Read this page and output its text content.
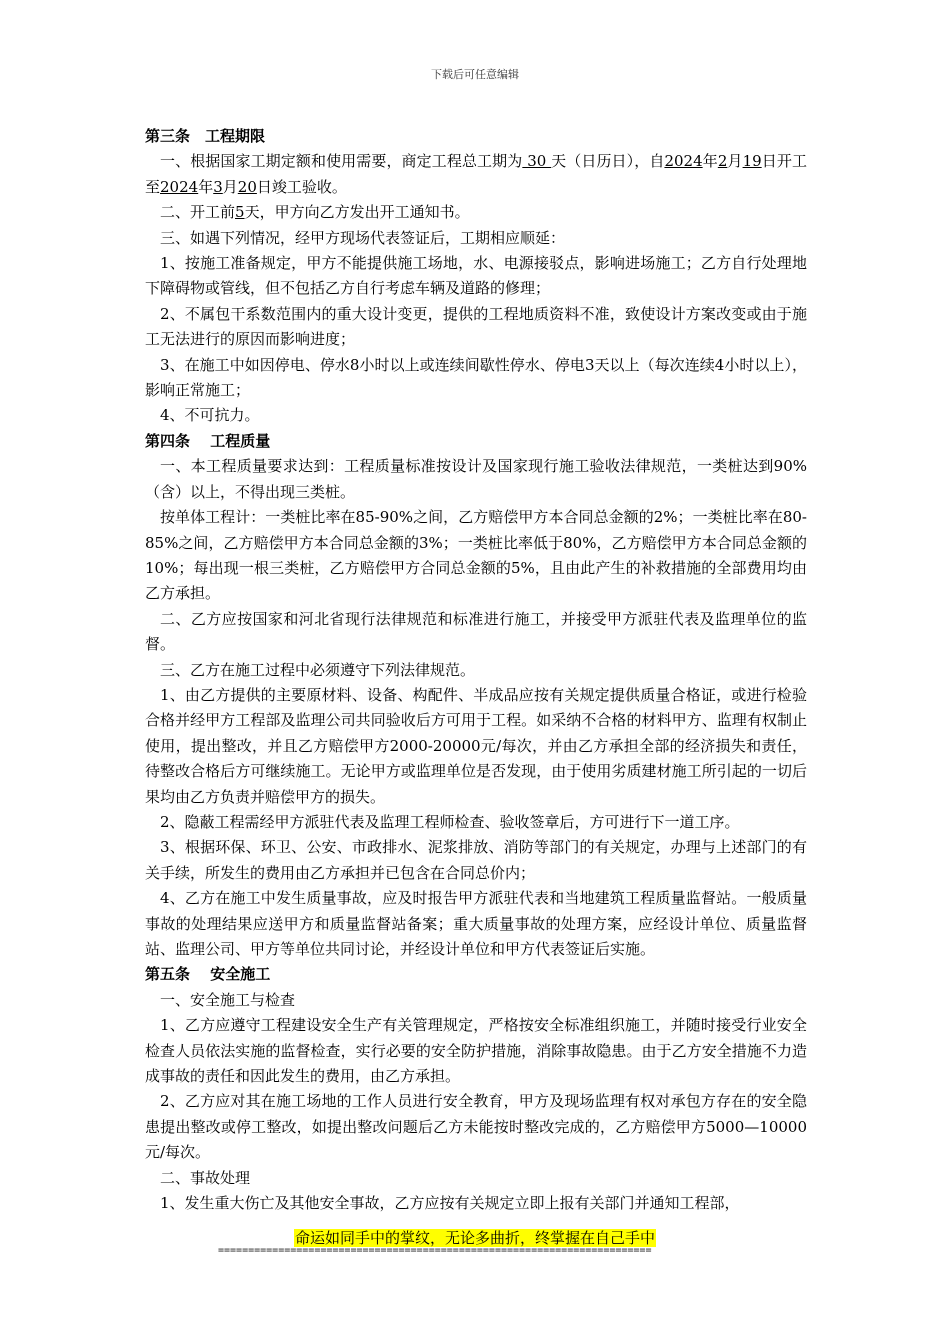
下载后可任意编辑

第三条　工程期限

一、根据国家工期定额和使用需要，商定工程总工期为 30 天（日历日），自2024年2月19日开工至2024年3月20日竣工验收。

二、开工前5天，甲方向乙方发出开工通知书。

三、如遇下列情况，经甲方现场代表签证后，工期相应顺延：

1、按施工准备规定，甲方不能提供施工场地，水、电源接驳点，影响进场施工；乙方自行处理地下障碍物或管线，但不包括乙方自行考虑车辆及道路的修理；

2、不属包干系数范围内的重大设计变更，提供的工程地质资料不准，致使设计方案改变或由于施工无法进行的原因而影响进度；

3、在施工中如因停电、停水8小时以上或连续间歇性停水、停电3天以上（每次连续4小时以上），影响正常施工；

4、不可抗力。

第四条　 工程质量

一、本工程质量要求达到：工程质量标准按设计及国家现行施工验收法律规范，一类桩达到90%（含）以上，不得出现三类桩。

按单体工程计：一类桩比率在85-90%之间，乙方赔偿甲方本合同总金额的2%；一类桩比率在80-85%之间，乙方赔偿甲方本合同总金额的3%；一类桩比率低于80%，乙方赔偿甲方本合同总金额的10%；每出现一根三类桩，乙方赔偿甲方合同总金额的5%，且由此产生的补救措施的全部费用均由乙方承担。

二、乙方应按国家和河北省现行法律规范和标准进行施工，并接受甲方派驻代表及监理单位的监督。

三、乙方在施工过程中必须遵守下列法律规范。

1、由乙方提供的主要原材料、设备、构配件、半成品应按有关规定提供质量合格证，或进行检验合格并经甲方工程部及监理公司共同验收后方可用于工程。如采纳不合格的材料甲方、监理有权制止使用，提出整改，并且乙方赔偿甲方2000-20000元/每次，并由乙方承担全部的经济损失和责任，待整改合格后方可继续施工。无论甲方或监理单位是否发现，由于使用劣质建材施工所引起的一切后果均由乙方负责并赔偿甲方的损失。

2、隐蔽工程需经甲方派驻代表及监理工程师检查、验收签章后，方可进行下一道工序。

3、根据环保、环卫、公安、市政排水、泥浆排放、消防等部门的有关规定，办理与上述部门的有关手续，所发生的费用由乙方承担并已包含在合同总价内；

4、乙方在施工中发生质量事故，应及时报告甲方派驻代表和当地建筑工程质量监督站。一般质量事故的处理结果应送甲方和质量监督站备案；重大质量事故的处理方案，应经设计单位、质量监督站、监理公司、甲方等单位共同讨论，并经设计单位和甲方代表签证后实施。

第五条　 安全施工

一、安全施工与检查

1、乙方应遵守工程建设安全生产有关管理规定，严格按安全标准组织施工，并随时接受行业安全检查人员依法实施的监督检查，实行必要的安全防护措施，消除事故隐患。由于乙方安全措施不力造成事故的责任和因此发生的费用，由乙方承担。

2、乙方应对其在施工场地的工作人员进行安全教育，甲方及现场监理有权对承包方存在的安全隐患提出整改或停工整改，如提出整改问题后乙方未能按时整改完成的，乙方赔偿甲方5000—10000元/每次。

二、事故处理

1、发生重大伤亡及其他安全事故，乙方应按有关规定立即上报有关部门并通知工程部，

命运如同手中的掌纹，无论多曲折，终掌握在自己手中
========================================================================
